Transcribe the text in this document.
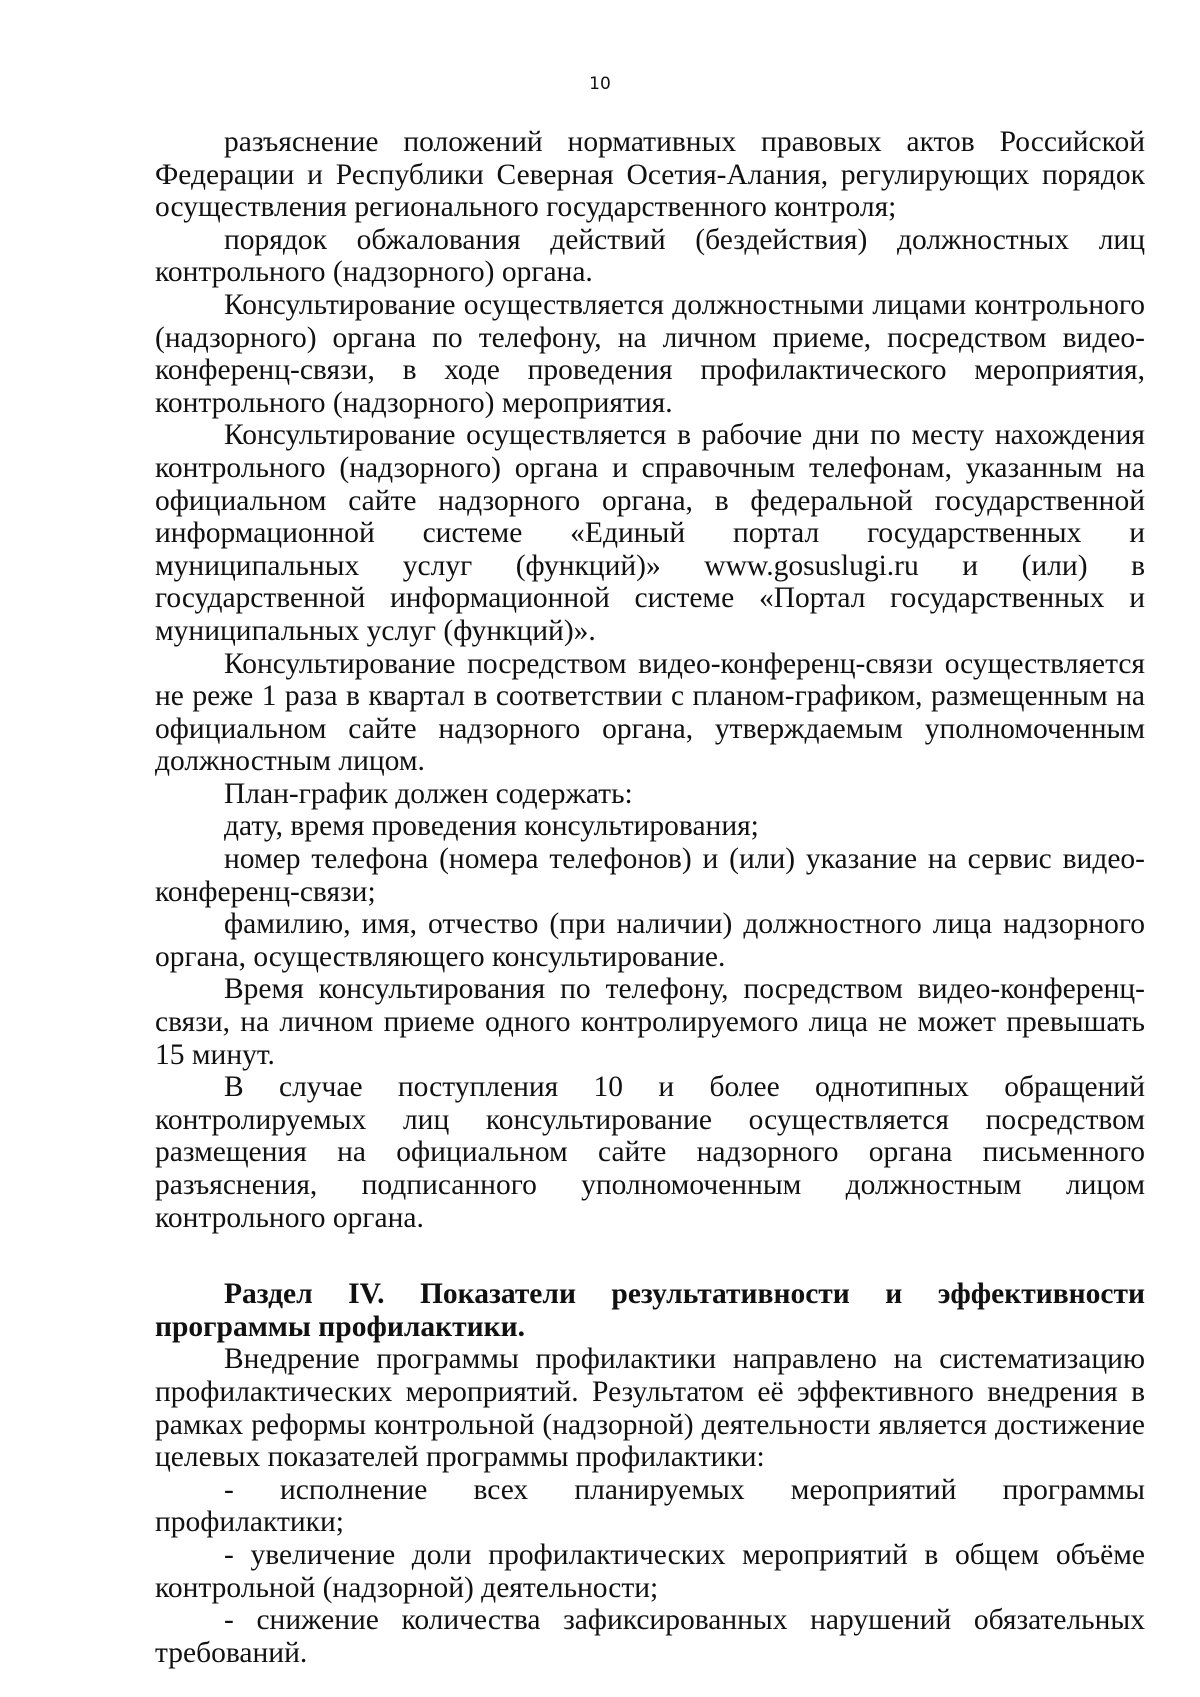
10

разъяснение положений нормативных правовых актов Российской Федерации и Республики Северная Осетия-Алания, регулирующих порядок осуществления регионального государственного контроля;

порядок обжалования действий (бездействия) должностных лиц контрольного (надзорного) органа.

Консультирование осуществляется должностными лицами контрольного (надзорного) органа по телефону, на личном приеме, посредством видео-конференц-связи, в ходе проведения профилактического мероприятия, контрольного (надзорного) мероприятия.

Консультирование осуществляется в рабочие дни по месту нахождения контрольного (надзорного) органа и справочным телефонам, указанным на официальном сайте надзорного органа, в федеральной государственной информационной системе «Единый портал государственных и муниципальных услуг (функций)» www.gosuslugi.ru и (или) в государственной информационной системе «Портал государственных и муниципальных услуг (функций)».

Консультирование посредством видео-конференц-связи осуществляется не реже 1 раза в квартал в соответствии с планом-графиком, размещенным на официальном сайте надзорного органа, утверждаемым уполномоченным должностным лицом.

План-график должен содержать:

дату, время проведения консультирования;

номер телефона (номера телефонов) и (или) указание на сервис видео-конференц-связи;

фамилию, имя, отчество (при наличии) должностного лица надзорного органа, осуществляющего консультирование.

Время консультирования по телефону, посредством видео-конференц-связи, на личном приеме одного контролируемого лица не может превышать 15 минут.

В случае поступления 10 и более однотипных обращений контролируемых лиц консультирование осуществляется посредством размещения на официальном сайте надзорного органа письменного разъяснения, подписанного уполномоченным должностным лицом контрольного органа.

Раздел IV. Показатели результативности и эффективности программы профилактики.

Внедрение программы профилактики направлено на систематизацию профилактических мероприятий. Результатом её эффективного внедрения в рамках реформы контрольной (надзорной) деятельности является достижение целевых показателей программы профилактики:

- исполнение всех планируемых мероприятий программы профилактики;

- увеличение доли профилактических мероприятий в общем объёме контрольной (надзорной) деятельности;

- снижение количества зафиксированных нарушений обязательных требований.
